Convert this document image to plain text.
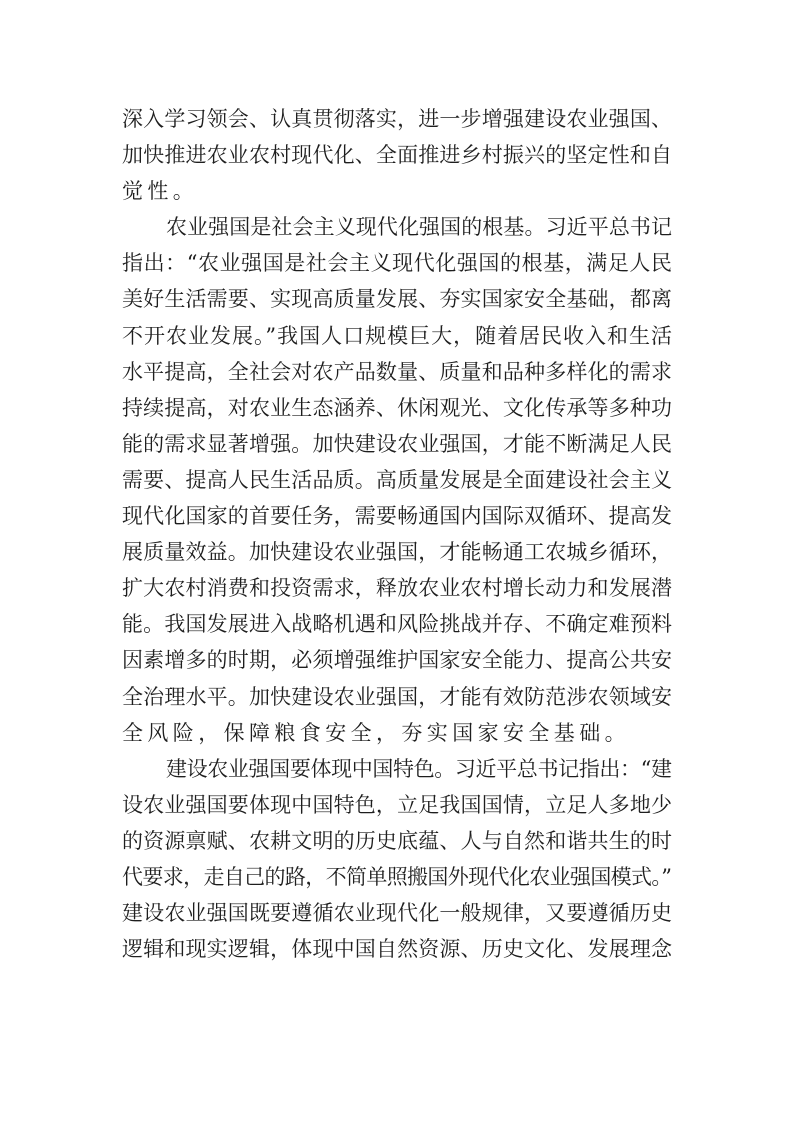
深入学习领会、认真贯彻落实，进一步增强建设农业强国、
加快推进农业农村现代化、全面推进乡村振兴的坚定性和自
觉性。
农业强国是社会主义现代化强国的根基。习近平总书记
指出：“农业强国是社会主义现代化强国的根基，满足人民
美好生活需要、实现高质量发展、夯实国家安全基础，都离
不开农业发展。”我国人口规模巨大，随着居民收入和生活
水平提高，全社会对农产品数量、质量和品种多样化的需求
持续提高，对农业生态涵养、休闲观光、文化传承等多种功
能的需求显著增强。加快建设农业强国，才能不断满足人民
需要、提高人民生活品质。高质量发展是全面建设社会主义
现代化国家的首要任务，需要畅通国内国际双循环、提高发
展质量效益。加快建设农业强国，才能畅通工农城乡循环，
扩大农村消费和投资需求，释放农业农村增长动力和发展潜
能。我国发展进入战略机遇和风险挑战并存、不确定难预料
因素增多的时期，必须增强维护国家安全能力、提高公共安
全治理水平。加快建设农业强国，才能有效防范涉农领域安
全风险，保障粮食安全，夯实国家安全基础。
建设农业强国要体现中国特色。习近平总书记指出：“建
设农业强国要体现中国特色，立足我国国情，立足人多地少
的资源禀赋、农耕文明的历史底蕴、人与自然和谐共生的时
代要求，走自己的路，不简单照搬国外现代化农业强国模式。”
建设农业强国既要遵循农业现代化一般规律，又要遵循历史
逻辑和现实逻辑，体现中国自然资源、历史文化、发展理念
